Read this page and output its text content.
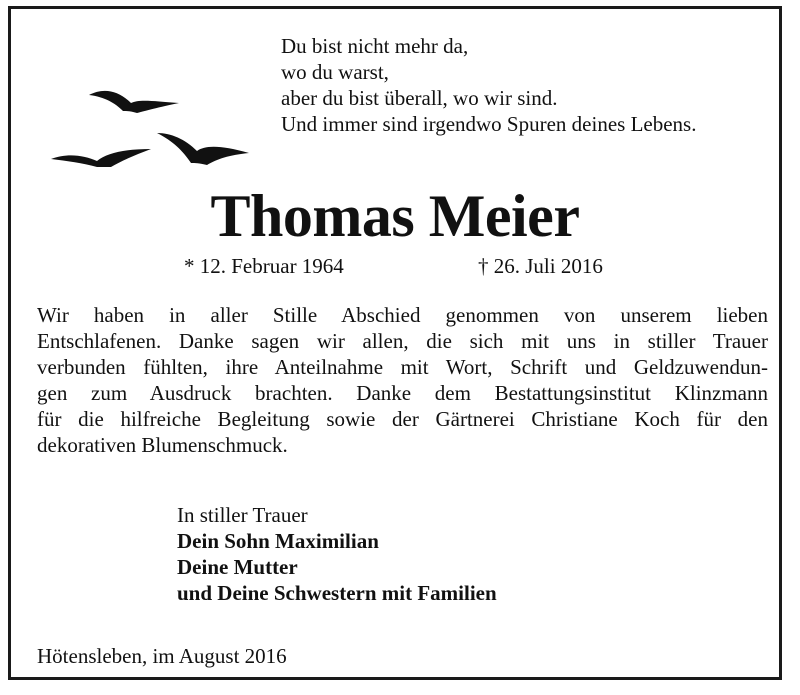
Du bist nicht mehr da,
wo du warst,
aber du bist überall, wo wir sind.
Und immer sind irgendwo Spuren deines Lebens.
Thomas Meier
* 12. Februar 1964	† 26. Juli 2016
Wir haben in aller Stille Abschied genommen von unserem lieben
Entschlafenen. Danke sagen wir allen, die sich mit uns in stiller Trauer
verbunden fühlten, ihre Anteilnahme mit Wort, Schrift und Geldzuwendun-
gen zum Ausdruck brachten. Danke dem Bestattungsinstitut Klinzmann
für die hilfreiche Begleitung sowie der Gärtnerei Christiane Koch für den
dekorativen Blumenschmuck.
In stiller Trauer
Dein Sohn Maximilian
Deine Mutter
und Deine Schwestern mit Familien
Hötensleben, im August 2016
